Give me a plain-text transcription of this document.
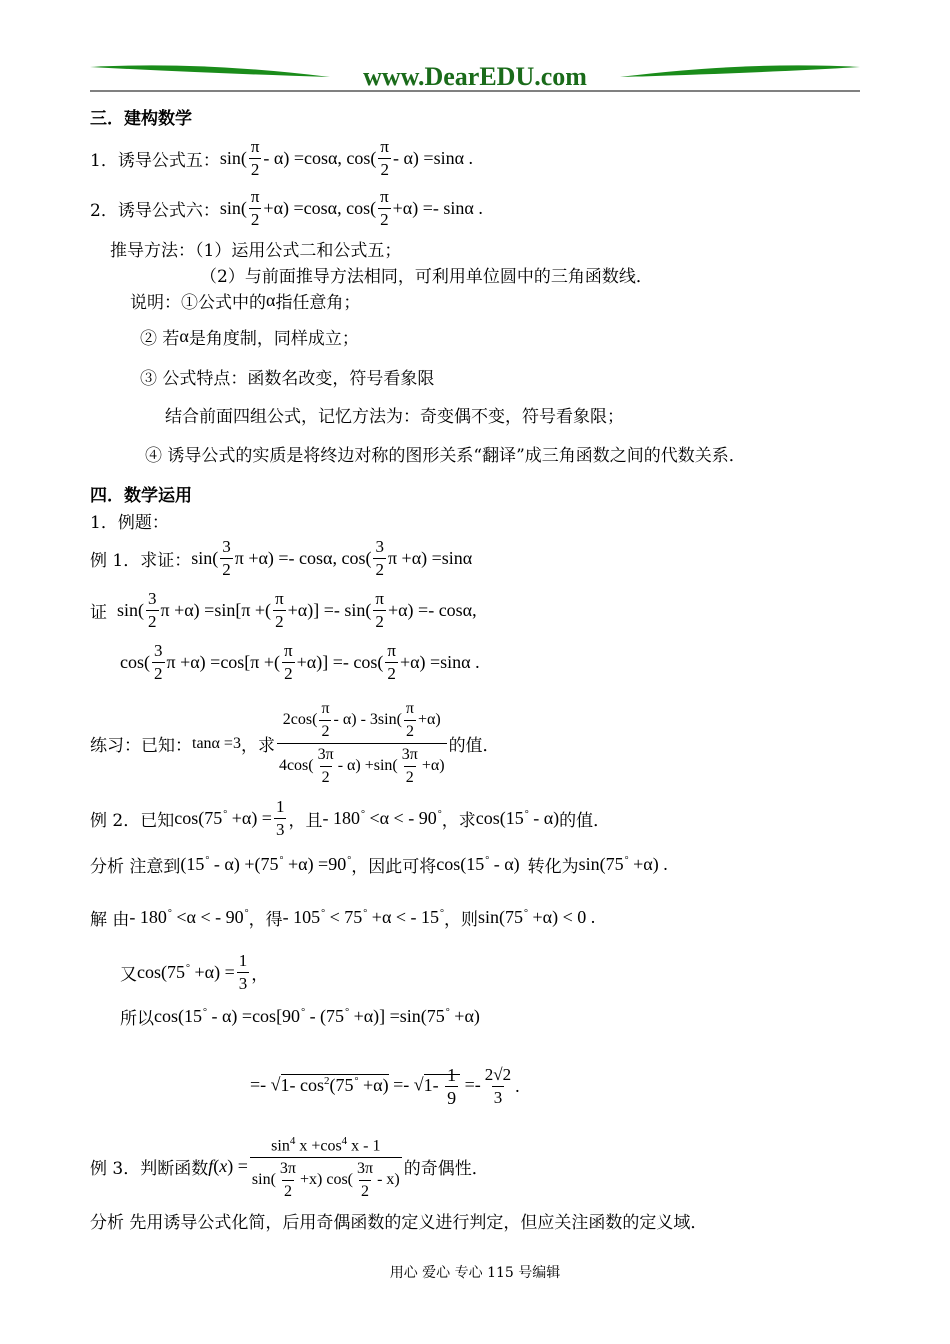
www.DearEDU.com
三．建构数学
1．诱导公式五： $\sin( \frac{\pi}{2} - \alpha) =\cos\alpha$, $\cos( \frac{\pi}{2} - \alpha) =\sin\alpha$ .
2．诱导公式六： $\sin( \frac{\pi}{2} +\alpha) =\cos\alpha$, $\cos( \frac{\pi}{2} +\alpha) =- \sin\alpha$ .
推导方法：（1）运用公式二和公式五；
（2）与前面推导方法相同，可利用单位圆中的三角函数线．
说明：①公式中的 α 指任意角；
② 若 α 是角度制，同样成立；
③ 公式特点：函数名改变，符号看象限
结合前面四组公式，记忆方法为：奇变偶不变，符号看象限；
④ 诱导公式的实质是将终边对称的图形关系“翻译”成三角函数之间的代数关系．
四．数学运用
1．例题：
例 1．求证： $\sin( \frac{3}{2}$ π +α) =- cosα, $\cos( \frac{3}{2}$ π +α) =sinα
证 $\sin( \frac{3}{2}$ π +α) =sin[π +( $\frac{\pi}{2} +\alpha)] =- \sin( \frac{\pi}{2} +\alpha) =- \cos\alpha$,
$\cos( \frac{3}{2}$ π +α) =cos[π +( $\frac{\pi}{2} +\alpha)] =- \cos( \frac{\pi}{2} +\alpha) =\sin\alpha$ .
练习：已知： tanα =3 ，求 $\frac{2\cos( \frac{\pi}{2} - \alpha) - 3\sin( \frac{\pi}{2} +\alpha)}{4\cos( \frac{3\pi}{2} - \alpha) +\sin( \frac{3\pi}{2} +\alpha)}$ 的值．
例 2．已知 $\cos(75^\circ +\alpha) = \frac{1}{3}$ ，且 - 180° <α < - 90° ，求 cos(15° - α) 的值．
分析 注意到 (15° - α) +(75° +α) =90° ，因此可将 cos(15° - α) 转化为 sin(75° +α) .
解 由 - 180° <α < - 90° ，得 - 105° < 75° +α < - 15° ，则 sin(75° +α) < 0 .
又 $\cos(75^\circ +\alpha) = \frac{1}{3}$ ，
所以 cos(15° - α) =cos[90° - (75° +α)] =sin(75° +α)
=- √1- $\cos^2(75^\circ +\alpha) =- √1- \frac{1}{9} =- \frac{2√2}{3}$ .
例 3．判断函数 $f(x) = \frac{\sin^4 x +\cos^4 x - 1}{\sin( \frac{3\pi}{2} +x) \cos( \frac{3\pi}{2} - x)}$ 的奇偶性．
分析 先用诱导公式化简，后用奇偶函数的定义进行判定，但应关注函数的定义域．
用心 爱心 专心 115 号编辑
